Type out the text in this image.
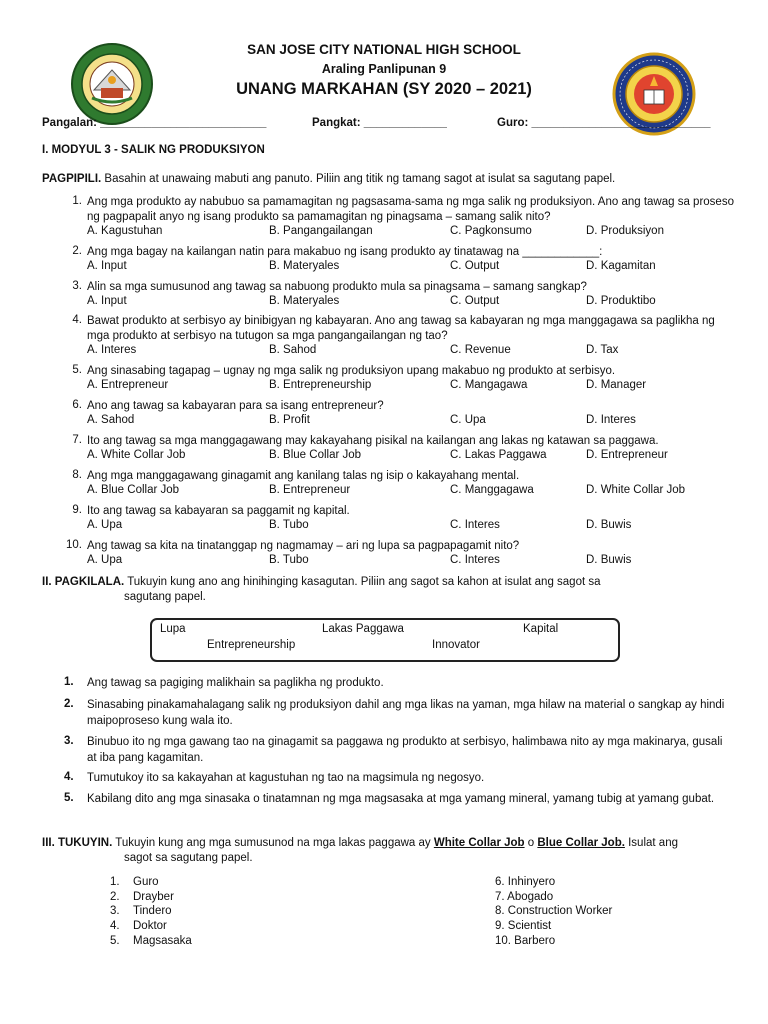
SAN JOSE CITY NATIONAL HIGH SCHOOL
Araling Panlipunan 9
UNANG MARKAHAN (SY 2020 – 2021)
Pangalan: __________________________	Pangkat: _____________	Guro: ____________________________
I. MODYUL 3 - SALIK NG PRODUKSIYON
PAGPIPILI. Basahin at unawaing mabuti ang panuto. Piliin ang titik ng tamang sagot at isulat sa sagutang papel.
1. Ang mga produkto ay nabubuo sa pamamagitan ng pagsasama-sama ng mga salik ng produksiyon. Ano ang tawag sa proseso ng pagpapalit anyo ng isang produkto sa pamamagitan ng pinagsama – samang salik nito?
A. Kagustuhan	B. Pangangailangan	C. Pagkonsumo	D. Produksiyon
2. Ang mga bagay na kailangan natin para makabuo ng isang produkto ay tinatawag na ____________:
A. Input	B. Materyales	C. Output	D. Kagamitan
3. Alin sa mga sumusunod ang tawag sa nabuong produkto mula sa pinagsama – samang sangkap?
A. Input	B. Materyales	C. Output	D. Produktibo
4. Bawat produkto at serbisyo ay binibigyan ng kabayaran. Ano ang tawag sa kabayaran ng mga manggagawa sa paglikha ng mga produkto at serbisyo na tutugon sa mga pangangailangan ng tao?
A. Interes	B. Sahod	C. Revenue	D. Tax
5. Ang sinasabing tagapag – ugnay ng mga salik ng produksiyon upang makabuo ng produkto at serbisyo.
A. Entrepreneur	B. Entrepreneurship	C. Mangagawa	D. Manager
6. Ano ang tawag sa kabayaran para sa isang entrepreneur?
A. Sahod	B. Profit	C. Upa	D. Interes
7. Ito ang tawag sa mga manggagawang may kakayahang pisikal na kailangan ang lakas ng katawan sa paggawa.
A. White Collar Job	B. Blue Collar Job	C. Lakas Paggawa	D. Entrepreneur
8. Ang mga manggagawang ginagamit ang kanilang talas ng isip o kakayahang mental.
A. Blue Collar Job	B. Entrepreneur	C. Manggagawa	D. White Collar Job
9. Ito ang tawag sa kabayaran sa paggamit ng kapital.
A. Upa	B. Tubo	C. Interes	D. Buwis
10. Ang tawag sa kita na tinatanggap ng nagmamay – ari ng lupa sa pagpapagamit nito?
A. Upa	B. Tubo	C. Interes	D. Buwis
II. PAGKILALA. Tukuyin kung ano ang hinihinging kasagutan. Piliin ang sagot sa kahon at isulat ang sagot sa
sagutang papel.
Lupa	Lakas Paggawa	Kapital
Entrepreneurship	Innovator
1. Ang tawag sa pagiging malikhain sa paglikha ng produkto.
2. Sinasabing pinakamahalagang salik ng produksiyon dahil ang mga likas na yaman, mga hilaw na material o sangkap ay hindi maipoproseso kung wala ito.
3. Binubuo ito ng mga gawang tao na ginagamit sa paggawa ng produkto at serbisyo, halimbawa nito ay mga makinarya, gusali at iba pang kagamitan.
4. Tumutukoy ito sa kakayahan at kagustuhan ng tao na magsimula ng negosyo.
5. Kabilang dito ang mga sinasaka o tinatamnan ng mga magsasaka at mga yamang mineral, yamang tubig at yamang gubat.
III. TUKUYIN. Tukuyin kung ang mga sumusunod na mga lakas paggawa ay White Collar Job o Blue Collar Job. Isulat ang
sagot sa sagutang papel.
1. Guro
2. Drayber
3. Tindero
4. Doktor
5. Magsasaka
6. Inhinyero
7. Abogado
8. Construction Worker
9. Scientist
10. Barbero
